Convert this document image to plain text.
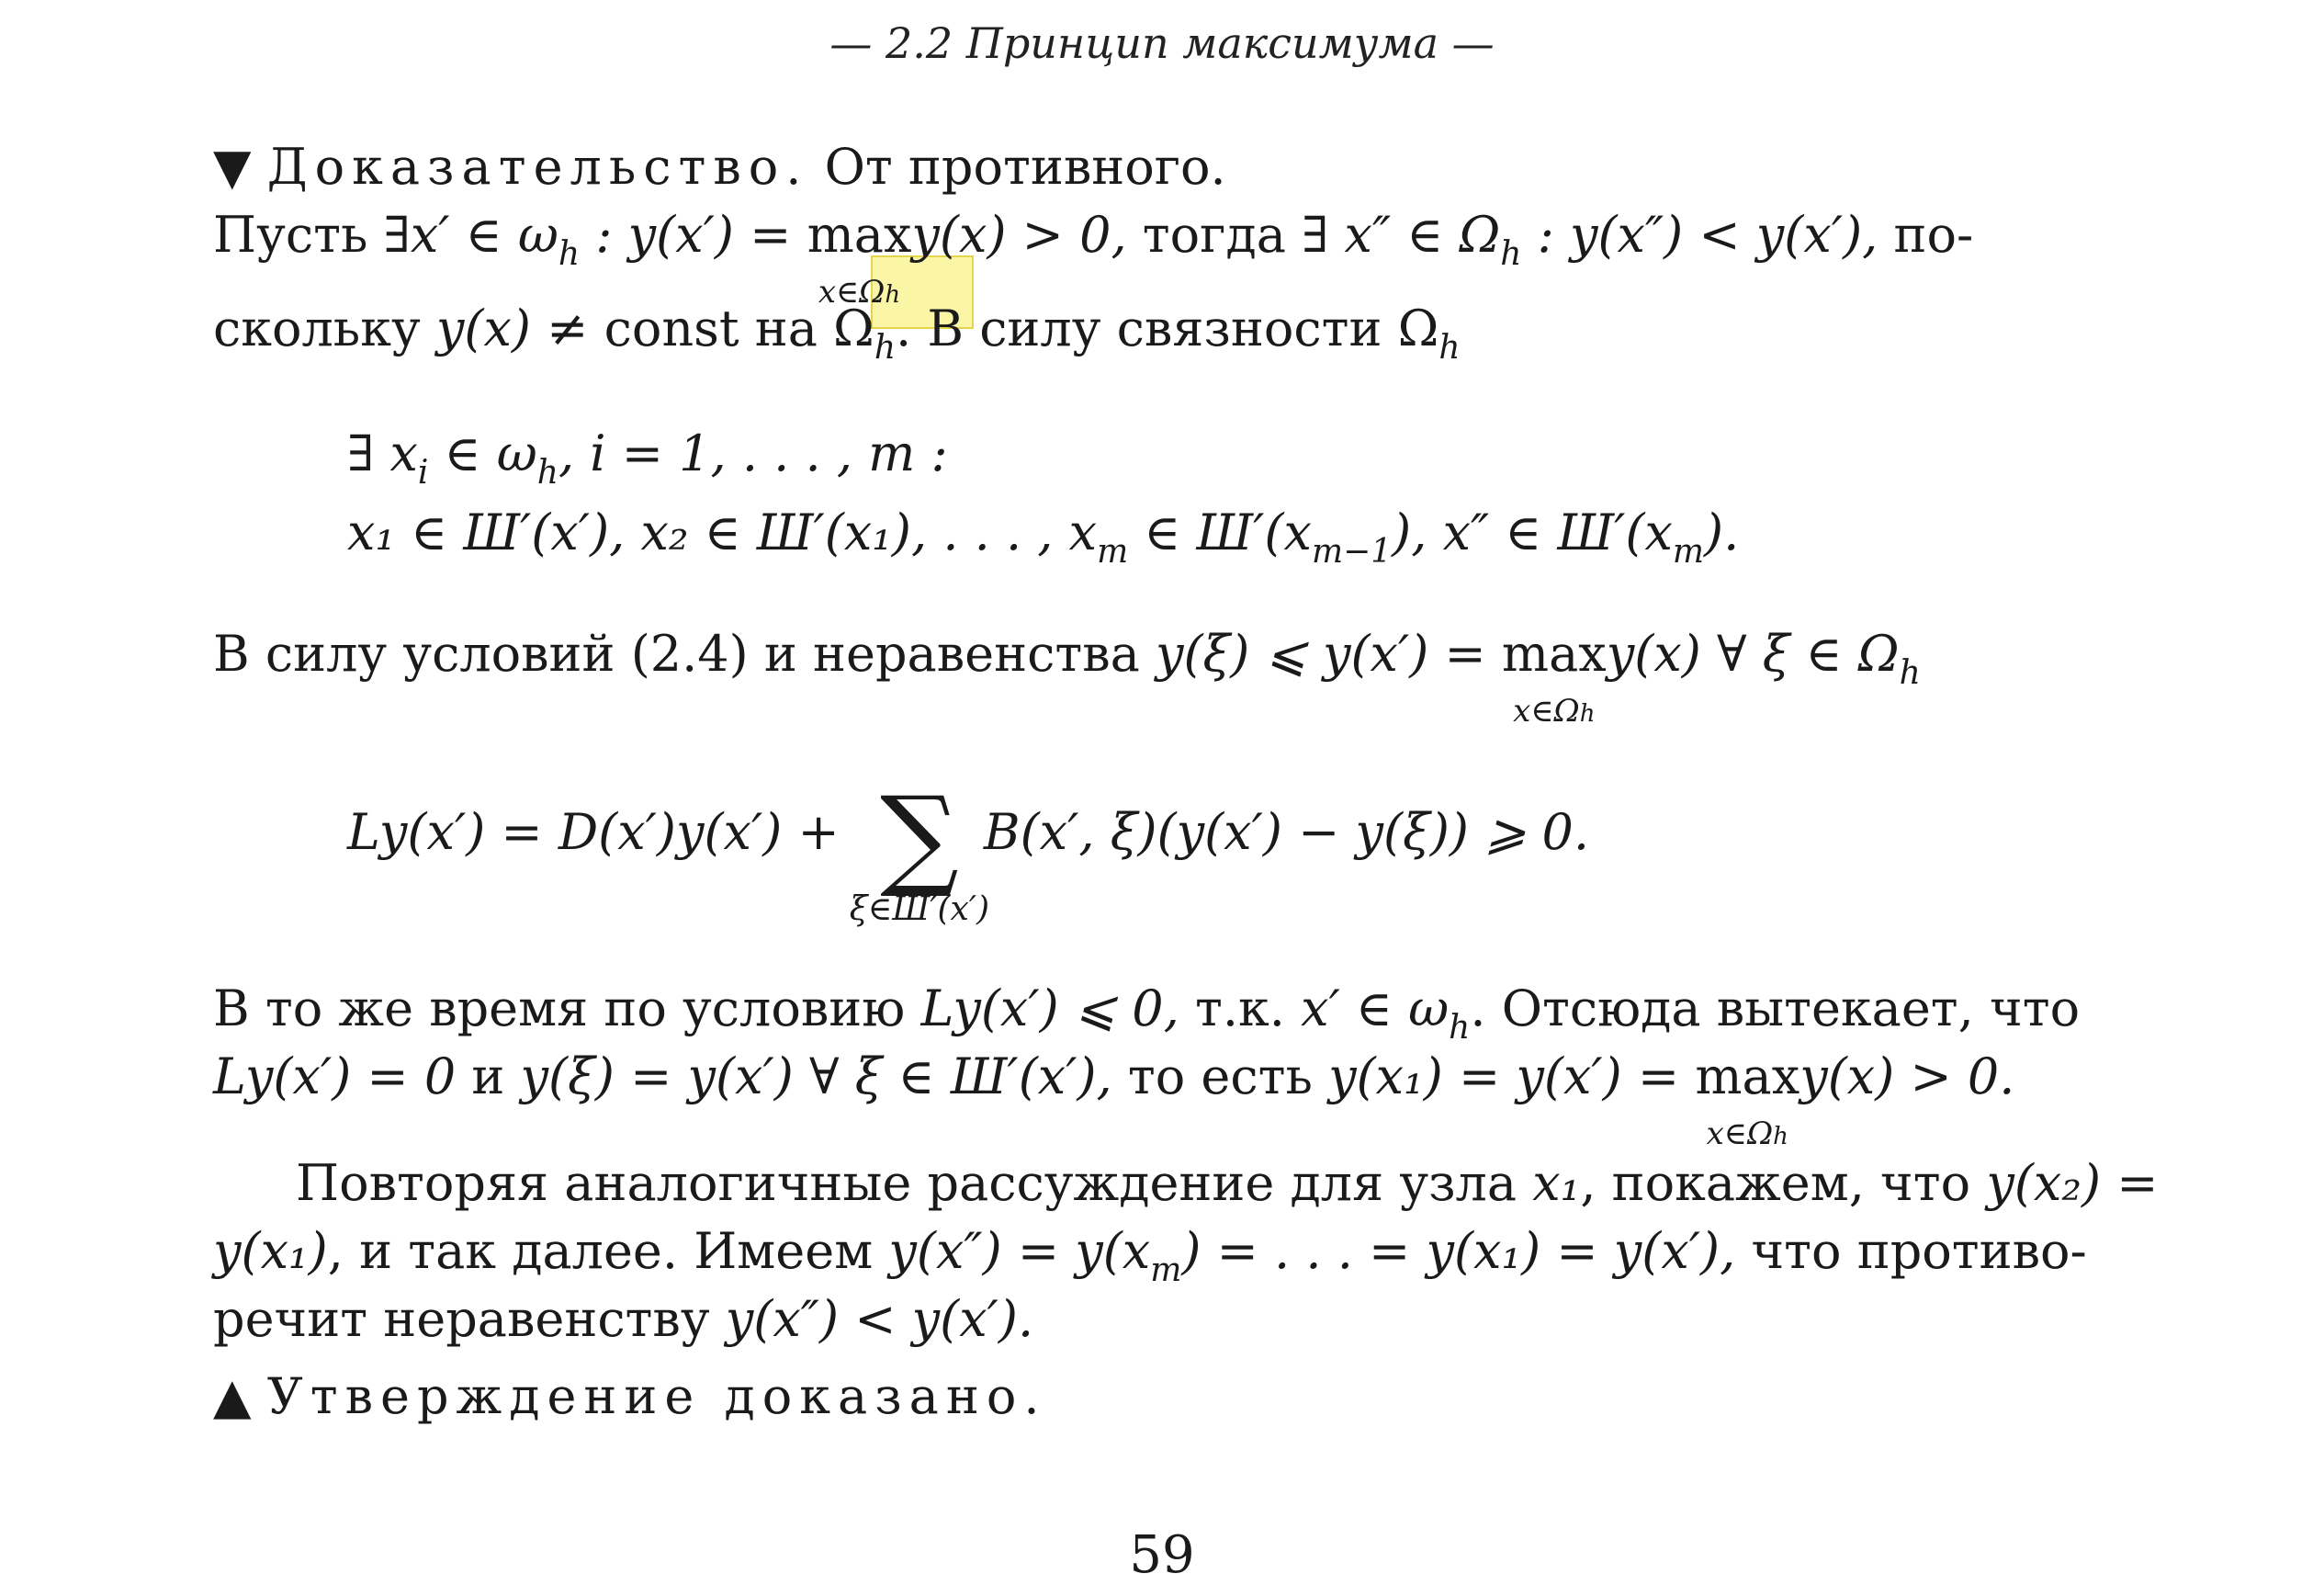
— 2.2 Принцип максимума —
▼ Доказательство. От противного.
Пусть ∃x′ ∈ $\omega_h$ : y(x′) = max
x∈Ωh
y(x) > 0, тогда ∃ x″ ∈ $\Omega_h$ : y(x″) < y(x′), по-
скольку y(x) ≠ const на $\Omega_h$. В силу связности $\Omega_h$
∃ $x_i$ ∈ $\omega_h$, i = 1, . . . , m :
x₁ ∈ Ш′(x′), x₂ ∈ Ш′(x₁), . . . , $x_m$ ∈ $Ш'(x_{m-1})$, x″ ∈ $Ш'(x_m)$.
В силу условий (2.4) и неравенства y(ξ) ⩽ y(x′) = max
x∈Ωh
y(x) ∀ ξ ∈ $\Omega_h$
Ly(x′) = D(x′)y(x′) + ∑
ξ∈Ш′(x′)
B(x′, ξ)(y(x′) − y(ξ)) ⩾ 0.
В то же время по условию Ly(x′) ⩽ 0, т.к. x′ ∈ $\omega_h$. Отсюда вытекает, что
Ly(x′) = 0 и y(ξ) = y(x′) ∀ ξ ∈ Ш′(x′), то есть y(x₁) = y(x′) = max
x∈Ωh
y(x) > 0.
Повторяя аналогичные рассуждение для узла x₁, покажем, что y(x₂) =
y(x₁), и так далее. Имеем $y(x'') = y(x_m)$ = . . . = y(x₁) = y(x′), что противо-
речит неравенству y(x″) < y(x′).
▲ Утверждение доказано.
59
